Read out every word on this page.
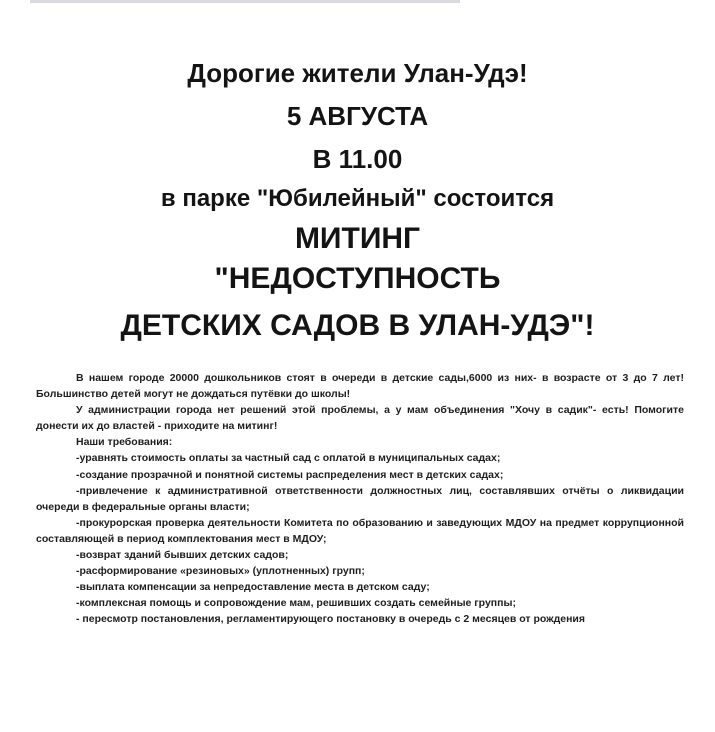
Дорогие жители Улан-Удэ!
5 АВГУСТА
В 11.00
в парке "Юбилейный" состоится
МИТИНГ
"НЕДОСТУПНОСТЬ
ДЕТСКИХ САДОВ В УЛАН-УДЭ"!

В нашем городе 20000 дошкольников стоят в очереди в детские сады,6000 из них- в возрасте от 3 до 7 лет! Большинство детей могут не дождаться путёвки до школы!

У администрации города нет решений этой проблемы, а у мам объединения "Хочу в садик"- есть! Помогите донести их до властей - приходите на митинг!

Наши требования:

-уравнять стоимость оплаты за частный сад с оплатой в муниципальных садах;

-создание прозрачной и понятной системы распределения мест в детских садах;

-привлечение к административной ответственности должностных лиц, составлявших отчёты о ликвидации очереди в федеральные органы власти;

-прокурорская проверка деятельности Комитета по образованию и заведующих МДОУ на предмет коррупционной составляющей в период комплектования мест в МДОУ;

-возврат зданий бывших детских садов;

-расформирование «резиновых» (уплотненных) групп;

-выплата компенсации за непредоставление места в детском саду;

-комплексная помощь и сопровождение мам, решивших создать семейные группы;

- пересмотр постановления, регламентирующего постановку в очередь с 2 месяцев от рождения
